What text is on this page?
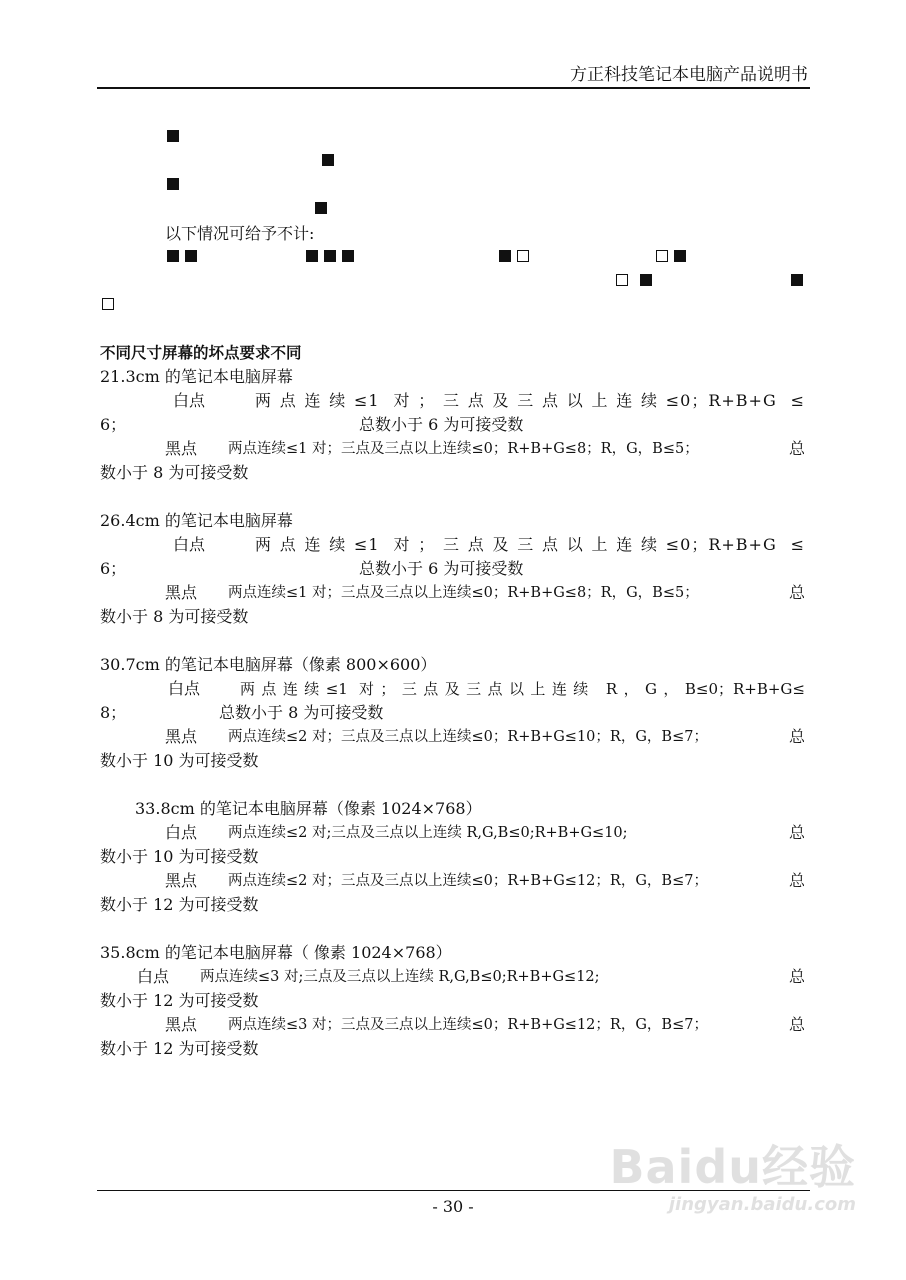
方正科技笔记本电脑产品说明书
以下情况可给予不计:
不同尺寸屏幕的坏点要求不同
21.3cm 的笔记本电脑屏幕
白点	两点连续≤1 对；三点及三点以上连续≤0；R+B+G ≤
6；	总数小于 6 为可接受数
黑点 两点连续≤1 对；三点及三点以上连续≤0；R+B+G≤8；R，G，B≤5；	总
数小于 8 为可接受数
26.4cm 的笔记本电脑屏幕
白点	两点连续≤1 对；三点及三点以上连续≤0；R+B+G ≤
6；	总数小于 6 为可接受数
黑点 两点连续≤1 对；三点及三点以上连续≤0；R+B+G≤8；R，G，B≤5；	总
数小于 8 为可接受数
30.7cm 的笔记本电脑屏幕（像素 800×600）
白点	两点连续≤1 对；三点及三点以上连续 R，G，B≤0；R+B+G≤
8；	总数小于 8 为可接受数
黑点 两点连续≤2 对；三点及三点以上连续≤0；R+B+G≤10；R，G，B≤7；	总
数小于 10 为可接受数
33.8cm 的笔记本电脑屏幕（像素 1024×768）
白点 两点连续≤2 对;三点及三点以上连续 R,G,B≤0;R+B+G≤10;	总
数小于 10 为可接受数
黑点 两点连续≤2 对；三点及三点以上连续≤0；R+B+G≤12；R，G，B≤7；	总
数小于 12 为可接受数
35.8cm 的笔记本电脑屏幕（ 像素 1024×768）
白点 两点连续≤3 对;三点及三点以上连续 R,G,B≤0;R+B+G≤12;	总
数小于 12 为可接受数
黑点 两点连续≤3 对；三点及三点以上连续≤0；R+B+G≤12；R，G，B≤7；	总
数小于 12 为可接受数
- 30 -
Baidu经验
jingyan.baidu.com
